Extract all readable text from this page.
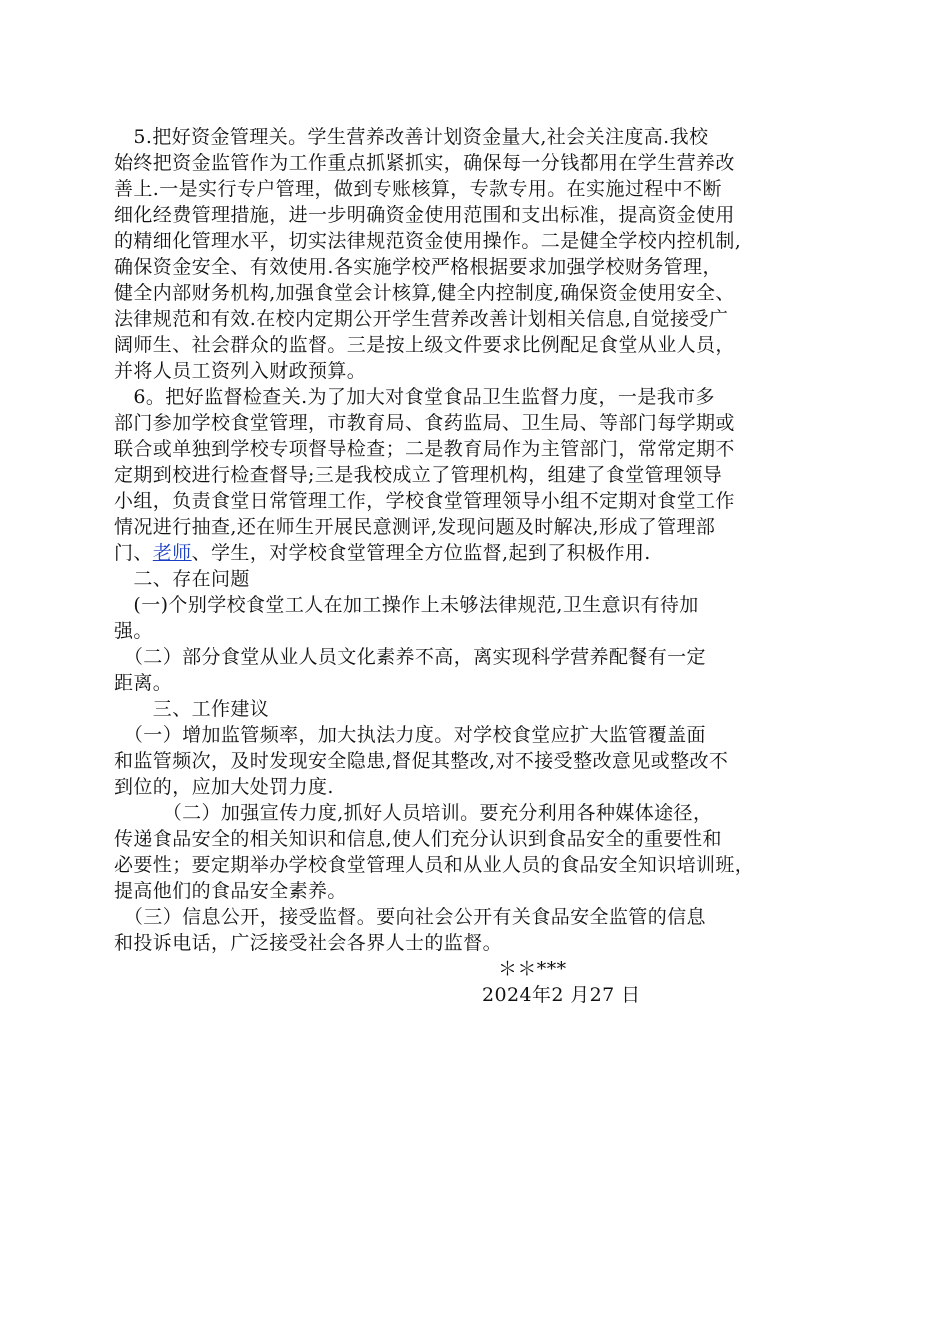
　5.把好资金管理关。学生营养改善计划资金量大,社会关注度高.我校
始终把资金监管作为工作重点抓紧抓实，确保每一分钱都用在学生营养改
善上.一是实行专户管理，做到专账核算，专款专用。在实施过程中不断
细化经费管理措施，进一步明确资金使用范围和支出标准，提高资金使用
的精细化管理水平，切实法律规范资金使用操作。二是健全学校内控机制,
确保资金安全、有效使用.各实施学校严格根据要求加强学校财务管理，
健全内部财务机构,加强食堂会计核算,健全内控制度,确保资金使用安全、
法律规范和有效.在校内定期公开学生营养改善计划相关信息,自觉接受广
阔师生、社会群众的监督。三是按上级文件要求比例配足食堂从业人员，
并将人员工资列入财政预算。
　6。把好监督检查关.为了加大对食堂食品卫生监督力度，一是我市多
部门参加学校食堂管理，市教育局、食药监局、卫生局、等部门每学期或
联合或单独到学校专项督导检查；二是教育局作为主管部门，常常定期不
定期到校进行检查督导;三是我校成立了管理机构，组建了食堂管理领导
小组，负责食堂日常管理工作，学校食堂管理领导小组不定期对食堂工作
情况进行抽查,还在师生开展民意测评,发现问题及时解决,形成了管理部
门、老师、学生，对学校食堂管理全方位监督,起到了积极作用.
　二、存在问题
　(一)个别学校食堂工人在加工操作上未够法律规范,卫生意识有待加
强。
　（二）部分食堂从业人员文化素养不高，离实现科学营养配餐有一定
距离。
　　三、工作建议
　（一）增加监管频率，加大执法力度。对学校食堂应扩大监管覆盖面
和监管频次，及时发现安全隐患,督促其整改,对不接受整改意见或整改不
到位的，应加大处罚力度.
　　　（二）加强宣传力度,抓好人员培训。要充分利用各种媒体途径，
传递食品安全的相关知识和信息,使人们充分认识到食品安全的重要性和
必要性；要定期举办学校食堂管理人员和从业人员的食品安全知识培训班，
提高他们的食品安全素养。
　（三）信息公开，接受监督。要向社会公开有关食品安全监管的信息
和投诉电话，广泛接受社会各界人士的监督。
＊＊***
2024年2 月27 日
